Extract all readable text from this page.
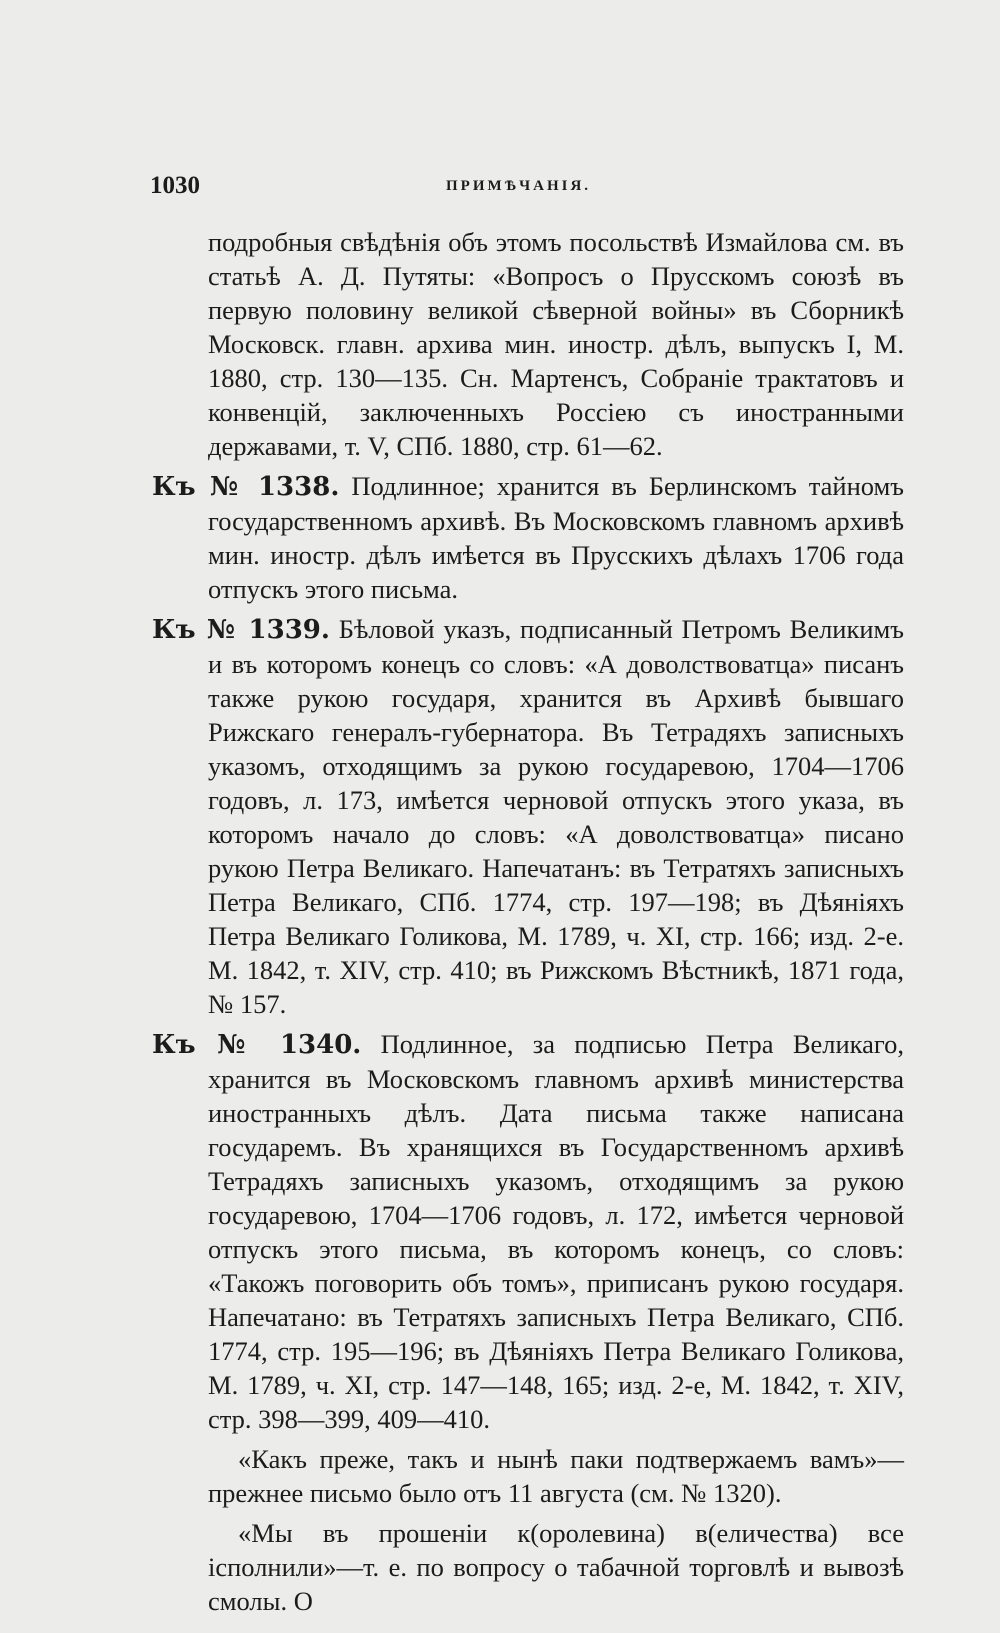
1030	ПРИМѢЧАНІЯ.

подробныя свѣдѣнія объ этомъ посольствѣ Измайлова см. въ статьѣ А. Д. Путяты: «Вопросъ о Прусскомъ союзѣ въ первую половину великой сѣверной войны» въ Сборникѣ Московск. главн. архива мин. иностр. дѣлъ, выпускъ I, М. 1880, стр. 130—135. Сн. Мартенсъ, Собраніе трактатовъ и конвенцій, заключенныхъ Россіею съ иностранными державами, т. V, СПб. 1880, стр. 61—62.

Къ № 1338. Подлинное; хранится въ Берлинскомъ тайномъ государственномъ архивѣ. Въ Московскомъ главномъ архивѣ мин. иностр. дѣлъ имѣется въ Прусскихъ дѣлахъ 1706 года отпускъ этого письма.

Къ № 1339. Бѣловой указъ, подписанный Петромъ Великимъ и въ которомъ конецъ со словъ: «А доволствоватца» писанъ также рукою государя, хранится въ Архивѣ бывшаго Рижскаго генералъ-губернатора. Въ Тетрадяхъ записныхъ указомъ, отходящимъ за рукою государевою, 1704—1706 годовъ, л. 173, имѣется черновой отпускъ этого указа, въ которомъ начало до словъ: «А доволствоватца» писано рукою Петра Великаго. Напечатанъ: въ Тетратяхъ записныхъ Петра Великаго, СПб. 1774, стр. 197—198; въ Дѣяніяхъ Петра Великаго Голикова, М. 1789, ч. XI, стр. 166; изд. 2-е. М. 1842, т. XIV, стр. 410; въ Рижскомъ Вѣстникѣ, 1871 года, № 157.

Къ № 1340. Подлинное, за подписью Петра Великаго, хранится въ Московскомъ главномъ архивѣ министерства иностранныхъ дѣлъ. Дата письма также написана государемъ. Въ хранящихся въ Государственномъ архивѣ Тетрадяхъ записныхъ указомъ, отходящимъ за рукою государевою, 1704—1706 годовъ, л. 172, имѣется черновой отпускъ этого письма, въ которомъ конецъ, со словъ: «Такожъ поговорить объ томъ», приписанъ рукою государя. Напечатано: въ Тетратяхъ записныхъ Петра Великаго, СПб. 1774, стр. 195—196; въ Дѣяніяхъ Петра Великаго Голикова, М. 1789, ч. XI, стр. 147—148, 165; изд. 2-е, М. 1842, т. XIV, стр. 398—399, 409—410.

«Какъ преже, такъ и нынѣ паки подтвержаемъ вамъ»—прежнее письмо было отъ 11 августа (см. № 1320).

«Мы въ прошеніи к(оролевина) в(еличества) все іcполнили»—т. е. по вопросу о табачной торговлѣ и вывозѣ смолы. О
